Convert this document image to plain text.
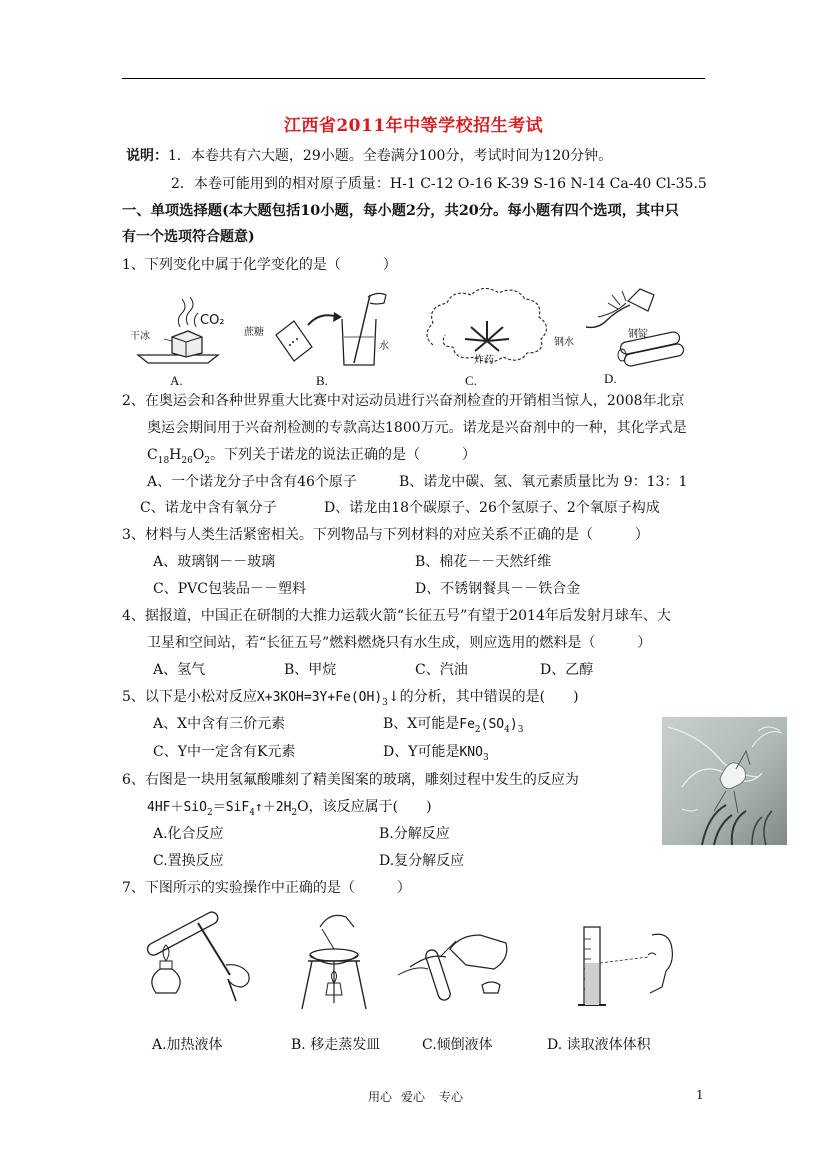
江西省2011年中等学校招生考试
说明：1．本卷共有六大题，29小题。全卷满分100分，考试时间为120分钟。
2．本卷可能用到的相对原子质量：H-1 C-12 O-16 K-39 S-16 N-14 Ca-40 Cl-35.5
一、单项选择题(本大题包括10小题，每小题2分，共20分。每小题有四个选项，其中只
有一个选项符合题意)
1、下列变化中属于化学变化的是（　　　）
干冰
CO₂
蔗糖
水
炸药
钢水
钢锭
A.	B.	C.	D.
2、在奥运会和各种世界重大比赛中对运动员进行兴奋剂检查的开销相当惊人，2008年北京
奥运会期间用于兴奋剂检测的专款高达1800万元。诺龙是兴奋剂中的一种，其化学式是
$C_{18}H_{26}O_2$。下列关于诺龙的说法正确的是（　　　）
A、一个诺龙分子中含有46个原子	B、诺龙中碳、氢、氧元素质量比为 9：13：1
C、诺龙中含有氧分子	D、诺龙由18个碳原子、26个氢原子、2个氧原子构成
3、材料与人类生活紧密相关。下列物品与下列材料的对应关系不正确的是（　　　）
A、玻璃钢－－玻璃	B、棉花－－天然纤维
C、PVC包装品－－塑料	D、不锈钢餐具－－铁合金
4、据报道，中国正在研制的大推力运载火箭“长征五号”有望于2014年后发射月球车、大
卫星和空间站，若“长征五号”燃料燃烧只有水生成，则应选用的燃料是（　　　）
A、氢气	B、甲烷	C、汽油	D、乙醇
5、以下是小松对反应$X+3KOH=3Y+Fe(OH)_3↓$的分析，其中错误的是(　　)
A、X中含有三价元素	B、X可能是$Fe_2(SO_4)_3$
C、Y中一定含有K元素	D、Y可能是$KNO_3$
6、右图是一块用氢氟酸雕刻了精美图案的玻璃，雕刻过程中发生的反应为
$4HF+SiO_2=SiF_4↑+2H_2O$，该反应属于(　　)
A.化合反应	B.分解反应
C.置换反应	D.复分解反应
7、下图所示的实验操作中正确的是（　　　）
A.加热液体	B. 移走蒸发皿	C.倾倒液体	D. 读取液体体积
用心 爱心 专心	1
